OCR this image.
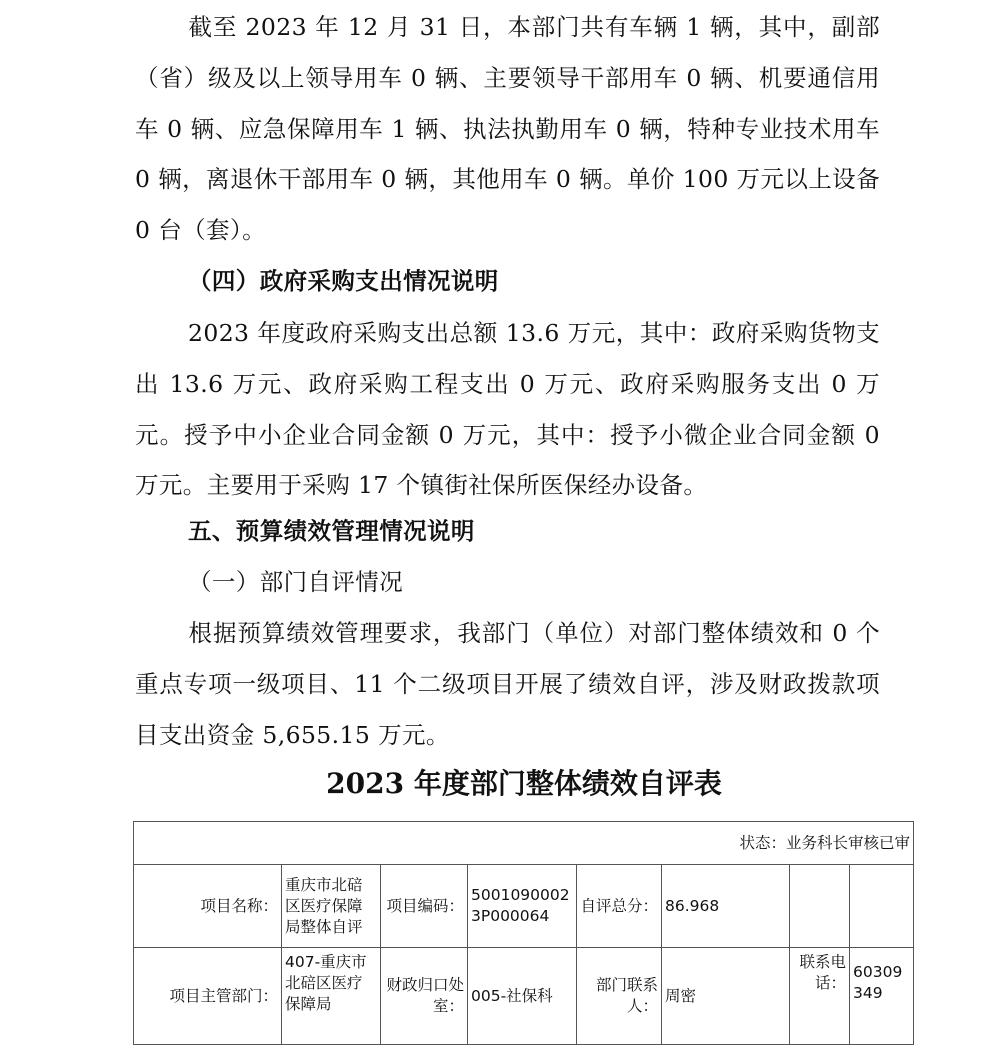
截至 2023 年 12 月 31 日，本部门共有车辆 1 辆，其中，副部（省）级及以上领导用车 0 辆、主要领导干部用车 0 辆、机要通信用车 0 辆、应急保障用车 1 辆、执法执勤用车 0 辆，特种专业技术用车 0 辆，离退休干部用车 0 辆，其他用车 0 辆。单价 100 万元以上设备 0 台（套）。

（四）政府采购支出情况说明

2023 年度政府采购支出总额 13.6 万元，其中：政府采购货物支出 13.6 万元、政府采购工程支出 0 万元、政府采购服务支出 0 万元。授予中小企业合同金额 0 万元，其中：授予小微企业合同金额 0 万元。主要用于采购 17 个镇街社保所医保经办设备。

五、预算绩效管理情况说明

（一）部门自评情况

根据预算绩效管理要求，我部门（单位）对部门整体绩效和 0 个重点专项一级项目、11 个二级项目开展了绩效自评，涉及财政拨款项目支出资金 5,655.15 万元。

2023 年度部门整体绩效自评表
状态：业务科长审核已审							
项目名称：	重庆市北碚区医疗保障局整体自评	项目编码：	50010900023P000064	自评总分：	86.968		
项目主管部门：	407-重庆市北碚区医疗保障局	财政归口处室：	005-社保科	部门联系人：	周密	联系电话：	60309349
